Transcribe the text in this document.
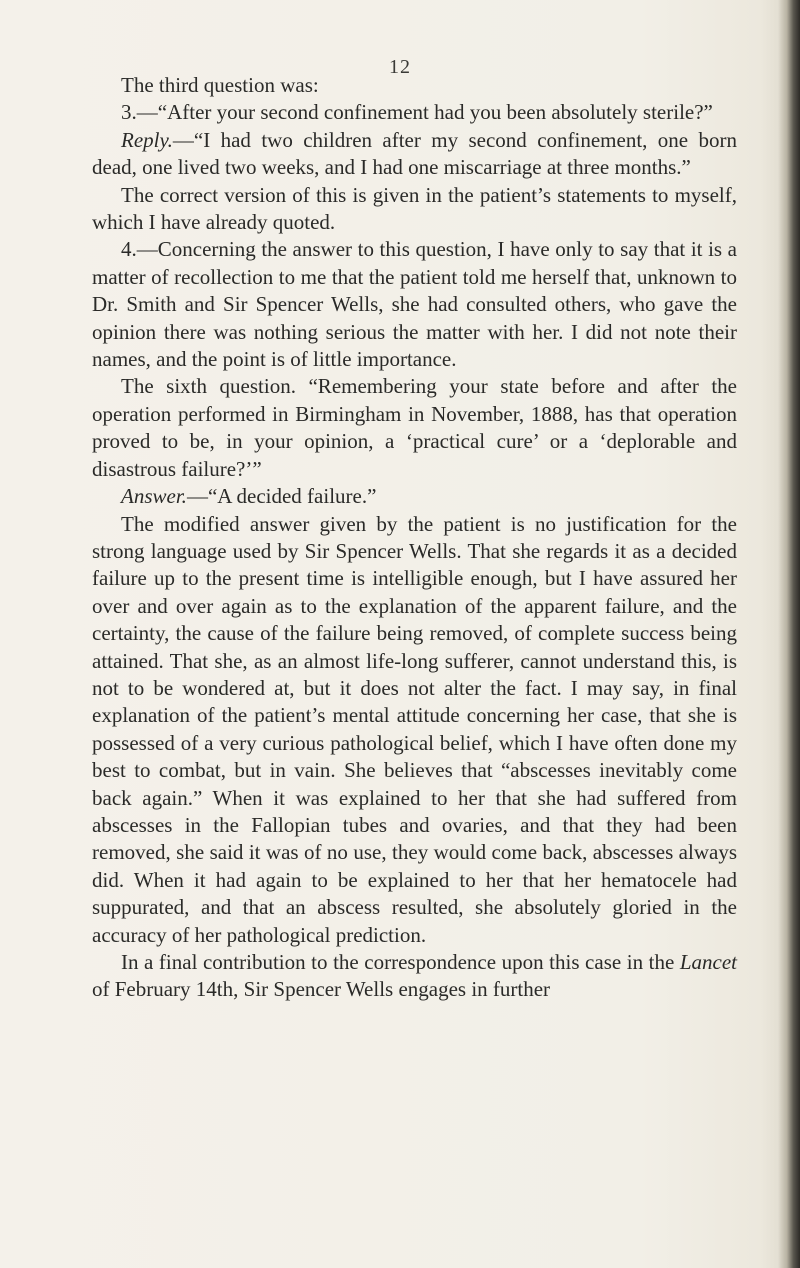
12

The third question was:

3.—“After your second confinement had you been absolutely sterile?”

Reply.—“I had two children after my second confinement, one born dead, one lived two weeks, and I had one miscarriage at three months.”

The correct version of this is given in the patient’s statements to myself, which I have already quoted.

4.—Concerning the answer to this question, I have only to say that it is a matter of recollection to me that the patient told me herself that, unknown to Dr. Smith and Sir Spencer Wells, she had consulted others, who gave the opinion there was nothing serious the matter with her. I did not note their names, and the point is of little importance.

The sixth question. “Remembering your state before and after the operation performed in Birmingham in November, 1888, has that operation proved to be, in your opinion, a ‘practical cure’ or a ‘deplorable and disastrous failure?’”

Answer.—“A decided failure.”

The modified answer given by the patient is no justification for the strong language used by Sir Spencer Wells. That she regards it as a decided failure up to the present time is intelligible enough, but I have assured her over and over again as to the explanation of the apparent failure, and the certainty, the cause of the failure being removed, of complete success being attained. That she, as an almost life-long sufferer, cannot understand this, is not to be wondered at, but it does not alter the fact. I may say, in final explanation of the patient’s mental attitude concerning her case, that she is possessed of a very curious pathological belief, which I have often done my best to combat, but in vain. She believes that “abscesses inevitably come back again.” When it was explained to her that she had suffered from abscesses in the Fallopian tubes and ovaries, and that they had been removed, she said it was of no use, they would come back, abscesses always did. When it had again to be explained to her that her hematocele had suppurated, and that an abscess resulted, she absolutely gloried in the accuracy of her pathological prediction.

In a final contribution to the correspondence upon this case in the Lancet of February 14th, Sir Spencer Wells engages in further
